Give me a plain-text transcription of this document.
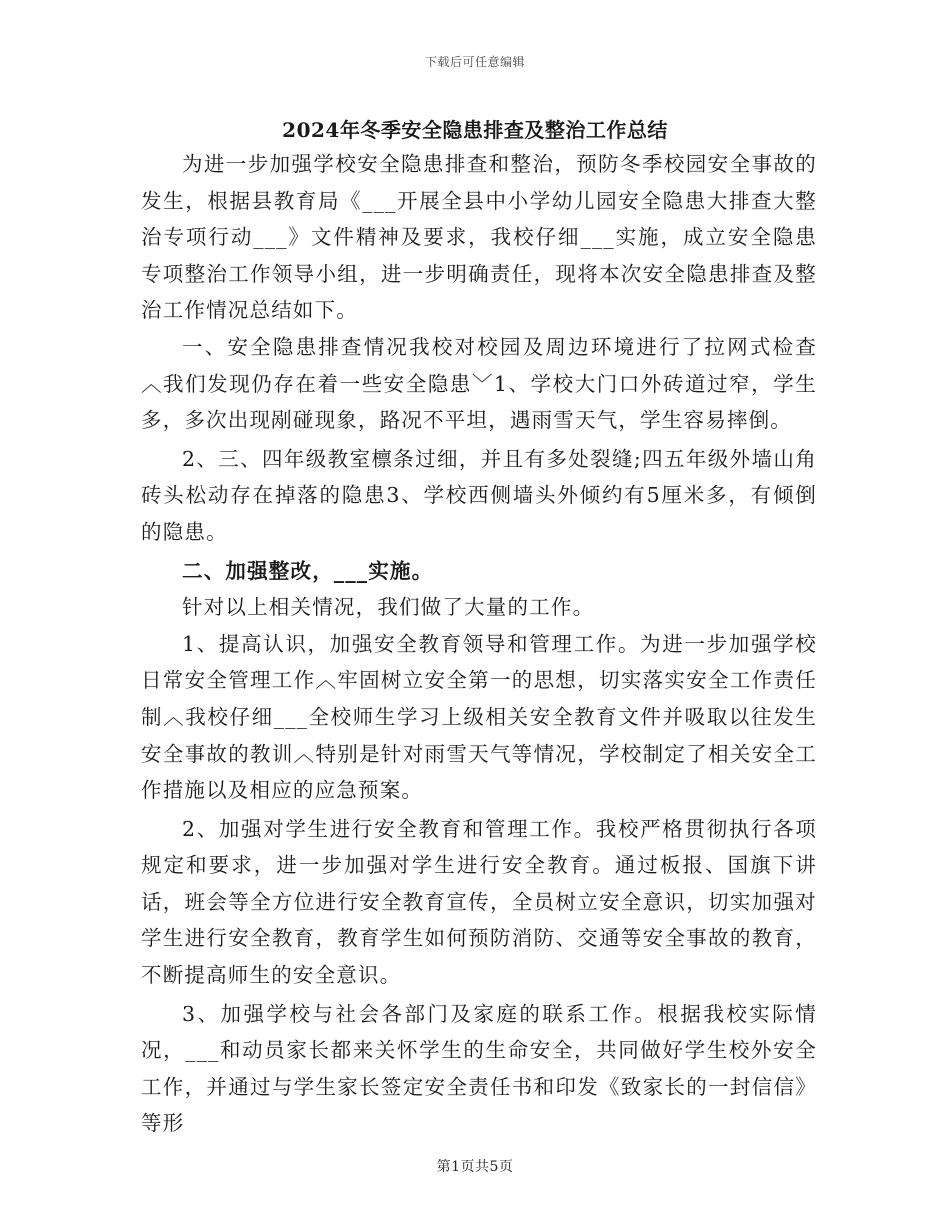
下载后可任意编辑
2024年冬季安全隐患排查及整治工作总结

为进一步加强学校安全隐患排查和整治，预防冬季校园安全事故的发生，根据县教育局《___开展全县中小学幼儿园安全隐患大排查大整治专项行动___》文件精神及要求，我校仔细___实施，成立安全隐患专项整治工作领导小组，进一步明确责任，现将本次安全隐患排查及整治工作情况总结如下。

一、安全隐患排查情况我校对校园及周边环境进行了拉网式检查︿我们发现仍存在着一些安全隐患﹀1、学校大门口外砖道过窄，学生多，多次出现剐碰现象，路况不平坦，遇雨雪天气，学生容易摔倒。

2、三、四年级教室檩条过细，并且有多处裂缝;四五年级外墙山角砖头松动存在掉落的隐患3、学校西侧墙头外倾约有5厘米多，有倾倒的隐患。

二、加强整改，___实施。

针对以上相关情况，我们做了大量的工作。

1、提高认识，加强安全教育领导和管理工作。为进一步加强学校日常安全管理工作︿牢固树立安全第一的思想，切实落实安全工作责任制︿我校仔细___全校师生学习上级相关安全教育文件并吸取以往发生安全事故的教训︿特别是针对雨雪天气等情况，学校制定了相关安全工作措施以及相应的应急预案。

2、加强对学生进行安全教育和管理工作。我校严格贯彻执行各项规定和要求，进一步加强对学生进行安全教育。通过板报、国旗下讲话，班会等全方位进行安全教育宣传，全员树立安全意识，切实加强对学生进行安全教育，教育学生如何预防消防、交通等安全事故的教育，不断提高师生的安全意识。

3、加强学校与社会各部门及家庭的联系工作。根据我校实际情况，___和动员家长都来关怀学生的生命安全，共同做好学生校外安全工作，并通过与学生家长签定安全责任书和印发《致家长的一封信信》等形

第1页共5页
